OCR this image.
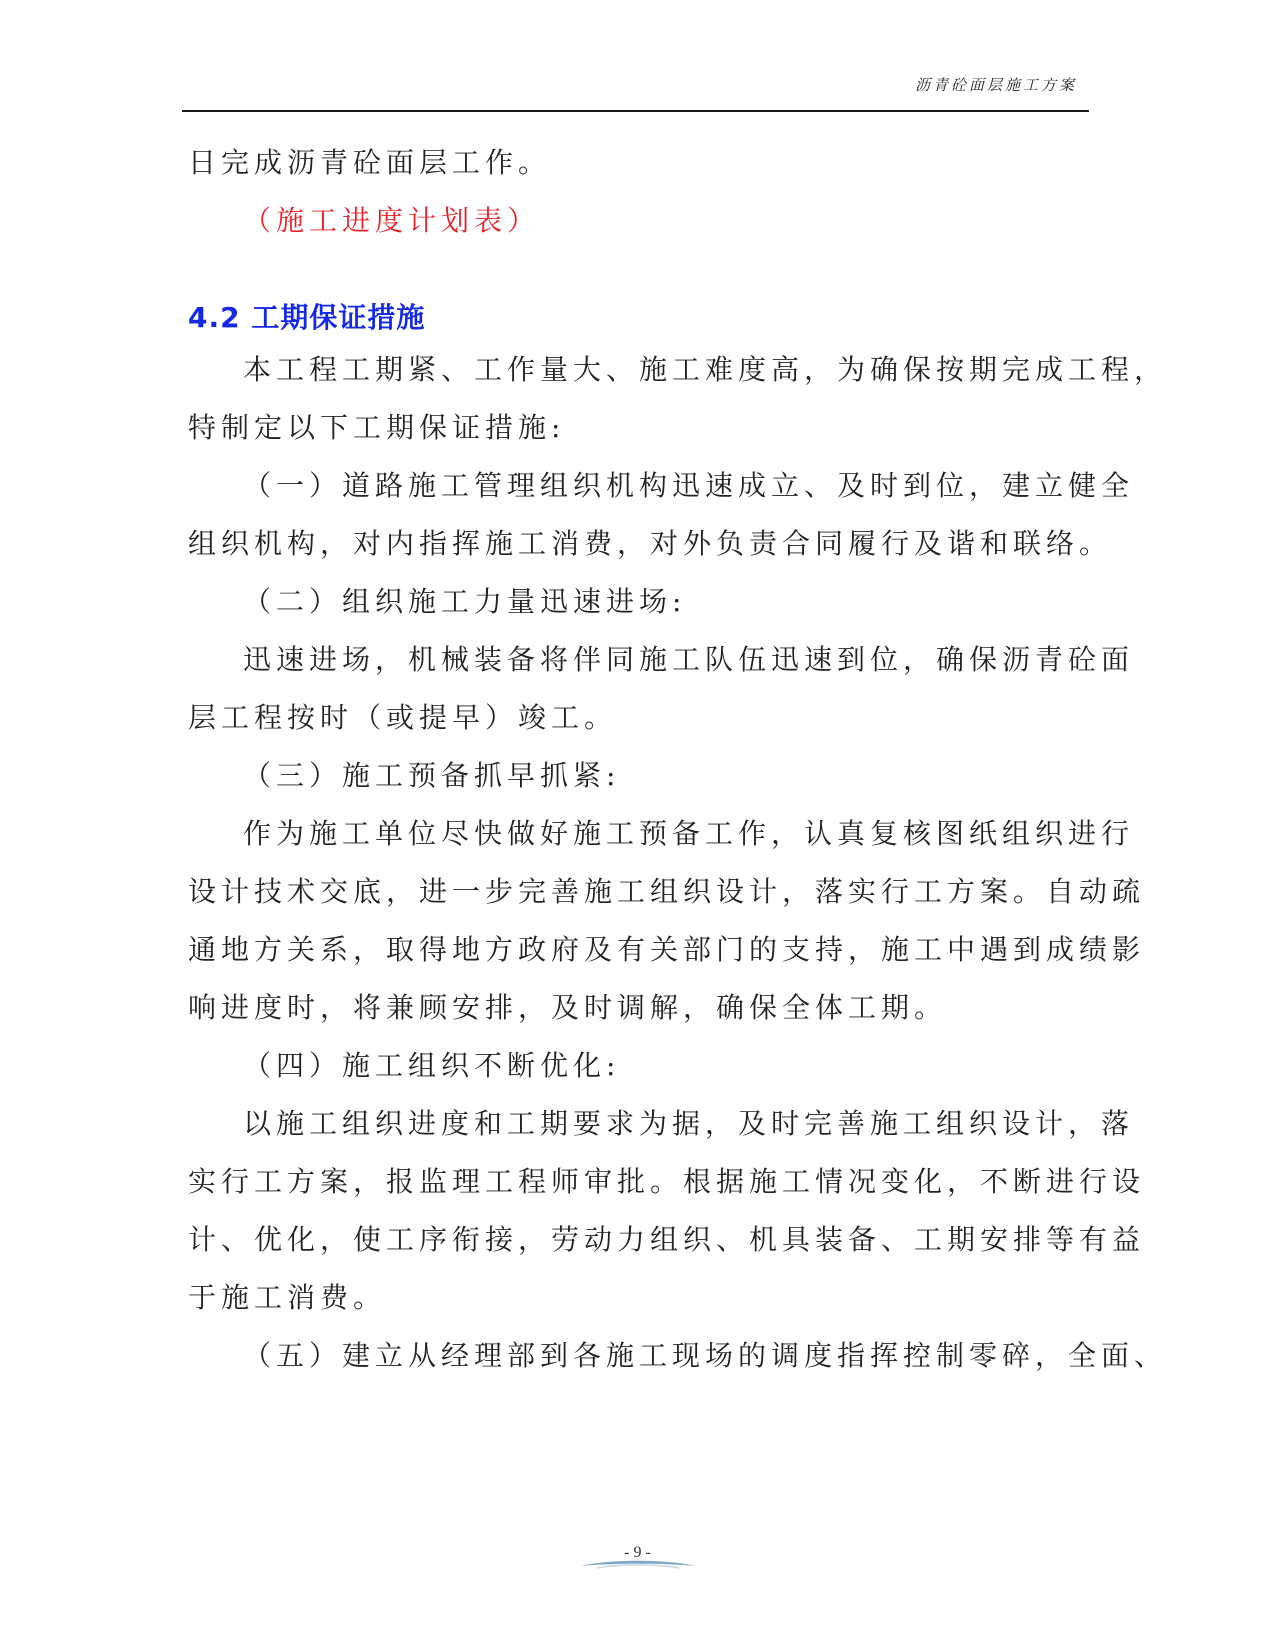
沥青砼面层施工方案
日完成沥青砼面层工作。
（施工进度计划表）
4.2 工期保证措施
本工程工期紧、工作量大、施工难度高，为确保按期完成工程，
特制定以下工期保证措施:
（一）道路施工管理组织机构迅速成立、及时到位，建立健全
组织机构，对内指挥施工消费，对外负责合同履行及谐和联络。
（二）组织施工力量迅速进场:
迅速进场，机械装备将伴同施工队伍迅速到位，确保沥青砼面
层工程按时（或提早）竣工。
（三）施工预备抓早抓紧:
作为施工单位尽快做好施工预备工作，认真复核图纸组织进行
设计技术交底，进一步完善施工组织设计，落实行工方案。自动疏
通地方关系，取得地方政府及有关部门的支持，施工中遇到成绩影
响进度时，将兼顾安排，及时调解，确保全体工期。
（四）施工组织不断优化:
以施工组织进度和工期要求为据，及时完善施工组织设计，落
实行工方案，报监理工程师审批。根据施工情况变化，不断进行设
计、优化，使工序衔接，劳动力组织、机具装备、工期安排等有益
于施工消费。
（五）建立从经理部到各施工现场的调度指挥控制零碎，全面、
- 9 -
